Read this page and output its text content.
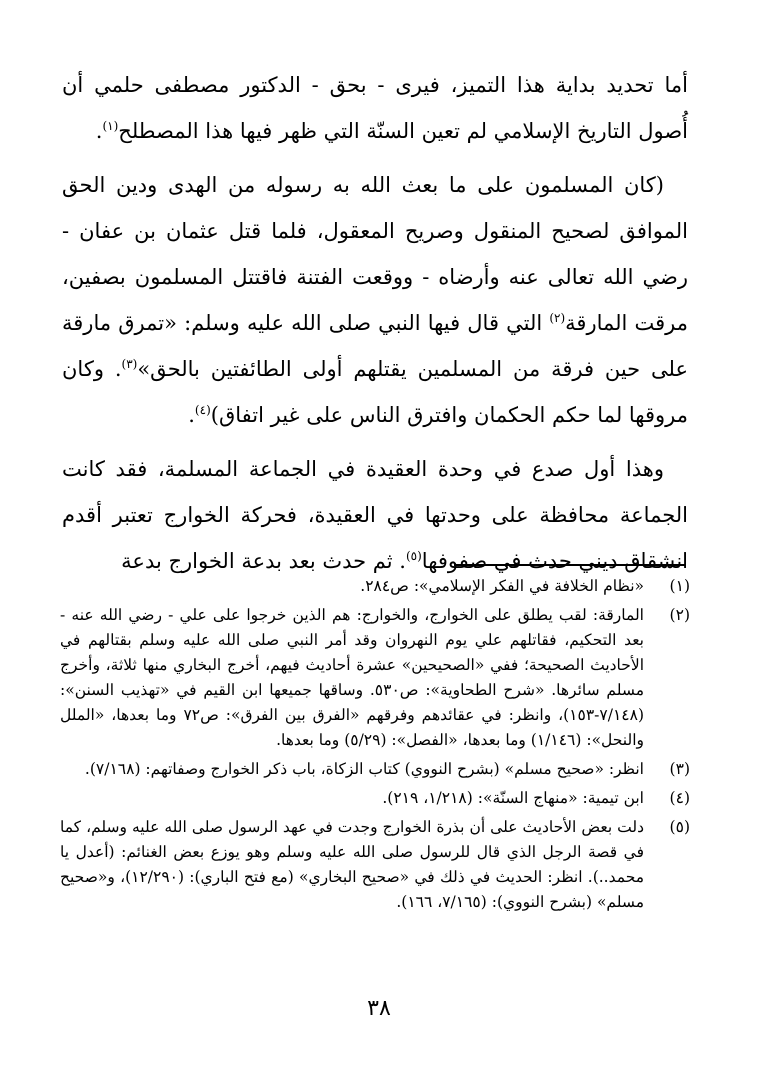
أما تحديد بداية هذا التميز، فيرى - بحق - الدكتور مصطفى حلمي أن أُصول التاريخ الإسلامي لم تعين السنّة التي ظهر فيها هذا المصطلح$^{(١)}$.

(كان المسلمون على ما بعث الله به رسوله من الهدى ودين الحق الموافق لصحيح المنقول وصريح المعقول، فلما قتل عثمان بن عفان - رضي الله تعالى عنه وأرضاه - ووقعت الفتنة فاقتتل المسلمون بصفين، مرقت المارقة$^{(٢)}$ التي قال فيها النبي صلى الله عليه وسلم: «تمرق مارقة على حين فرقة من المسلمين يقتلهم أولى الطائفتين بالحق»$^{(٣)}$. وكان مروقها لما حكم الحكمان وافترق الناس على غير اتفاق)$^{(٤)}$.

وهذا أول صدع في وحدة العقيدة في الجماعة المسلمة، فقد كانت الجماعة محافظة على وحدتها في العقيدة، فحركة الخوارج تعتبر أقدم انشقاق ديني حدث في صفوفها$^{(٥)}$. ثم حدث بعد بدعة الخوارج بدعة

(١)
«نظام الخلافة في الفكر الإسلامي»: ص٢٨٤.
(٢)
المارقة: لقب يطلق على الخوارج، والخوارج: هم الذين خرجوا على علي - رضي الله عنه - بعد التحكيم، فقاتلهم علي يوم النهروان وقد أمر النبي صلى الله عليه وسلم بقتالهم في الأحاديث الصحيحة؛ ففي «الصحيحين» عشرة أحاديث فيهم، أخرج البخاري منها ثلاثة، وأخرج مسلم سائرها. «شرح الطحاوية»: ص٥٣٠. وساقها جميعها ابن القيم في «تهذيب السنن»: (٧/١٤٨-١٥٣)، وانظر: في عقائدهم وفرقهم «الفرق بين الفرق»: ص٧٢ وما بعدها، «الملل والنحل»: (١/١٤٦) وما بعدها، «الفصل»: (٥/٢٩) وما بعدها.
(٣)
انظر: «صحيح مسلم» (بشرح النووي) كتاب الزكاة، باب ذكر الخوارج وصفاتهم: (٧/١٦٨).
(٤)
ابن تيمية: «منهاج السنّة»: (١/٢١٨، ٢١٩).
(٥)
دلت بعض الأحاديث على أن بذرة الخوارج وجدت في عهد الرسول صلى الله عليه وسلم، كما في قصة الرجل الذي قال للرسول صلى الله عليه وسلم وهو يوزع بعض الغنائم: (أعدل يا محمد..). انظر: الحديث في ذلك في «صحيح البخاري» (مع فتح الباري): (١٢/٢٩٠)، و«صحيح مسلم» (بشرح النووي): (٧/١٦٥، ١٦٦).
٣٨
